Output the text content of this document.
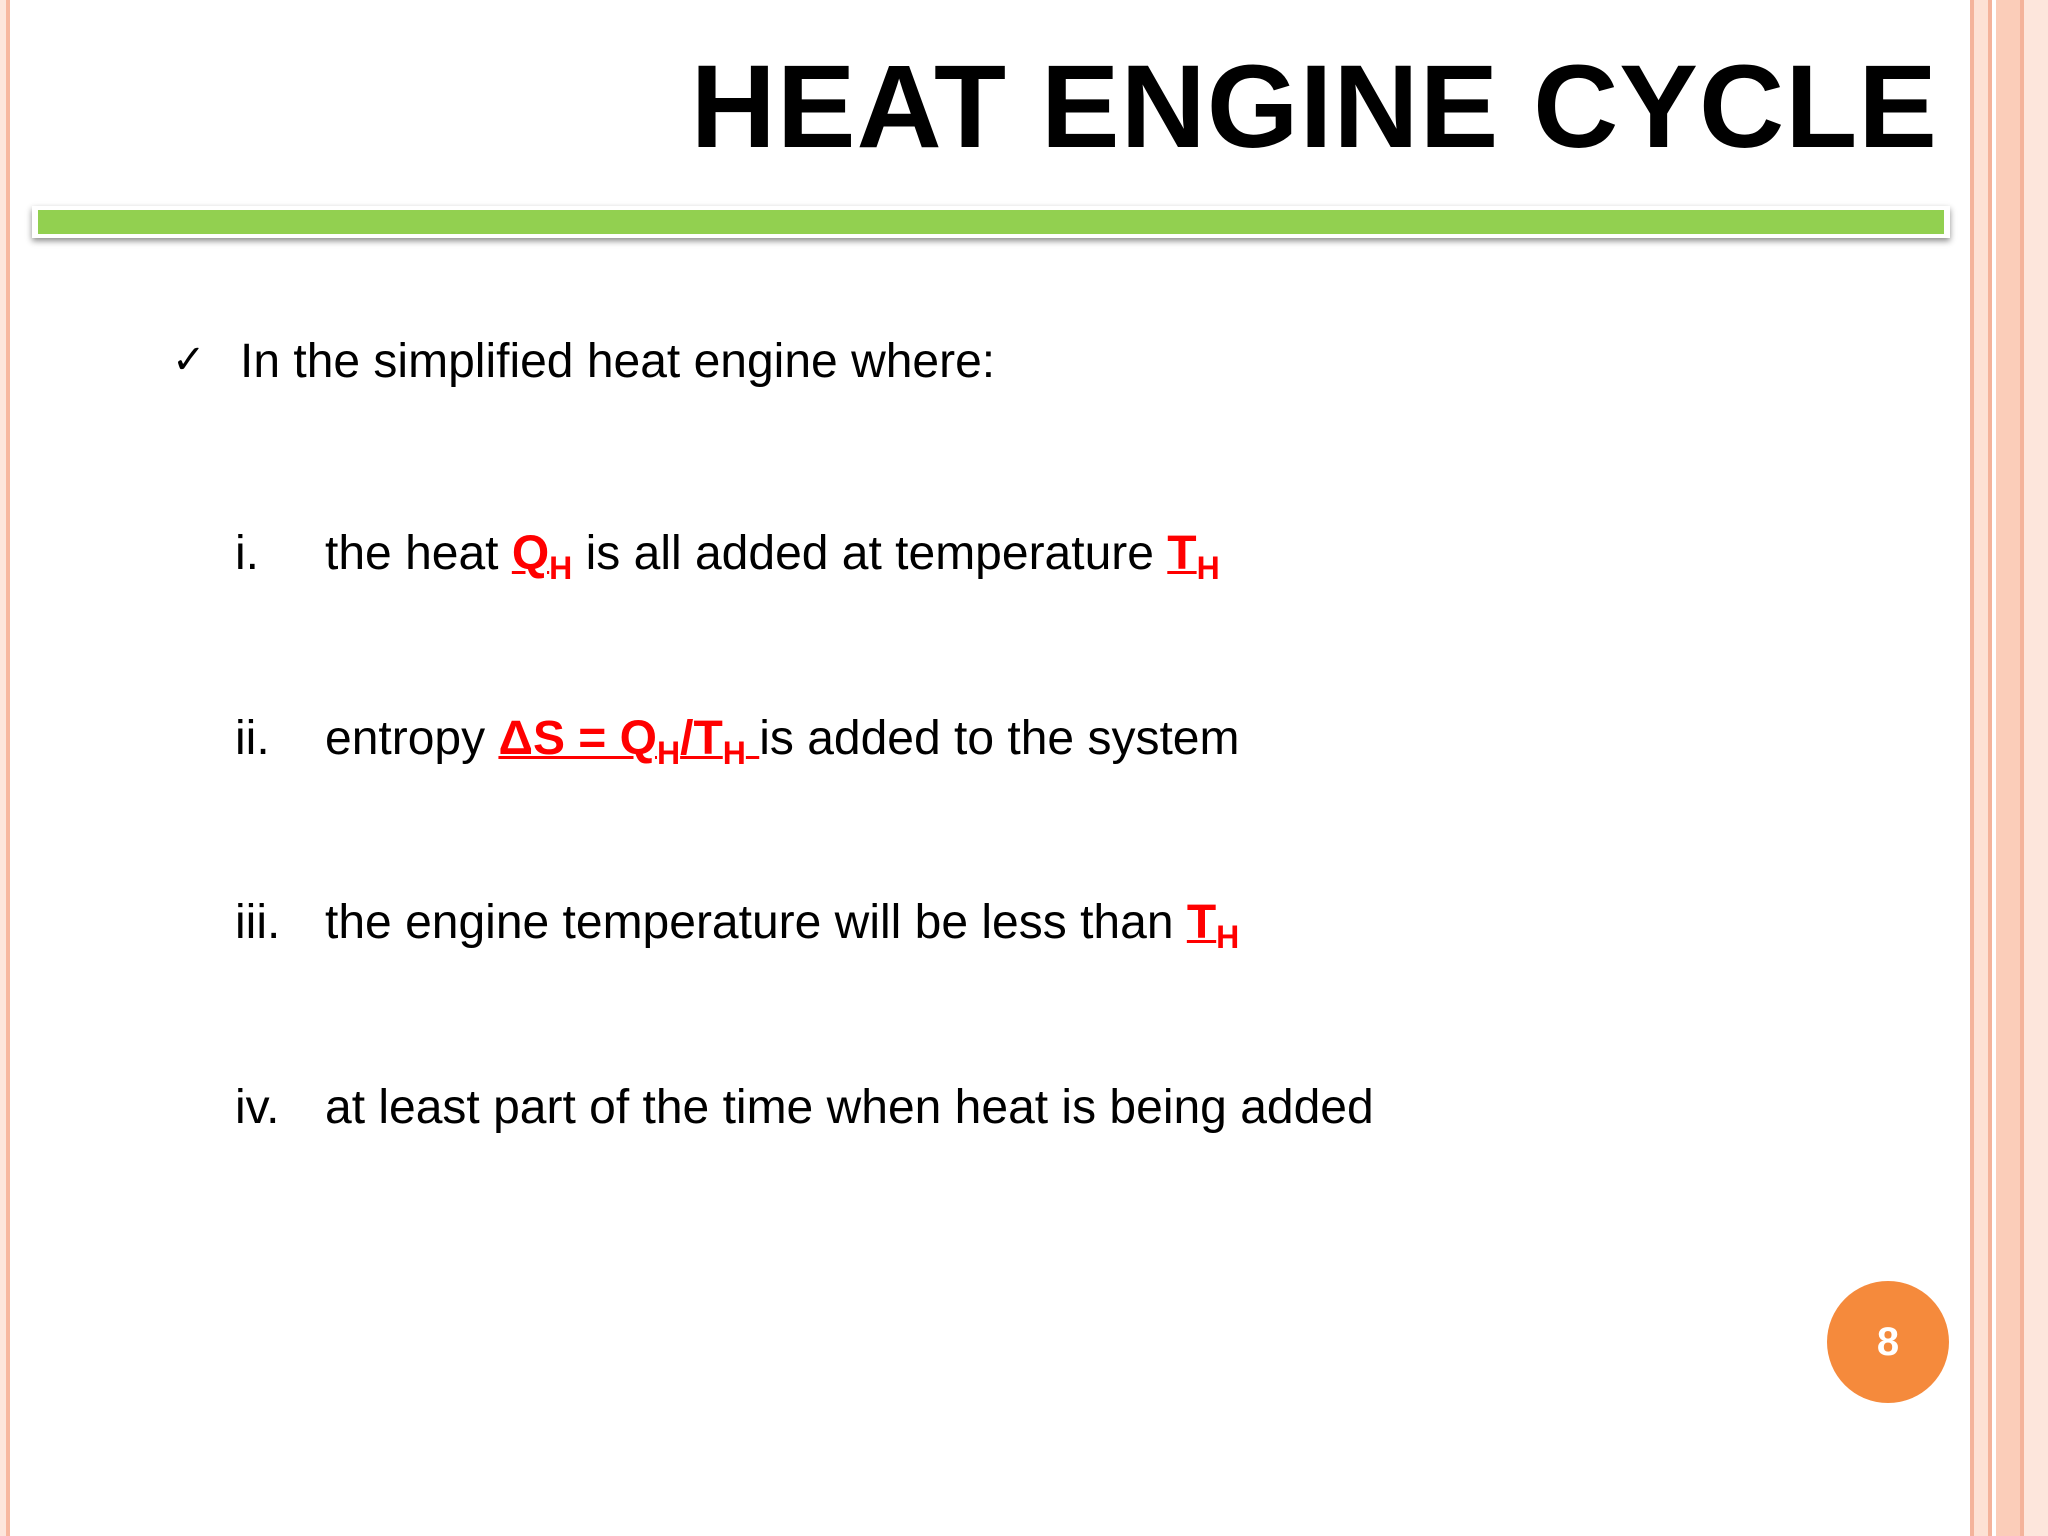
HEAT ENGINE CYCLE
✓ In the simplified heat engine where:
i. the heat $Q_H$ is all added at temperature $T_H$
ii. entropy $\Delta S = Q_H/T_H$ is added to the system
iii. the engine temperature will be less than $T_H$
iv. at least part of the time when heat is being added
8
